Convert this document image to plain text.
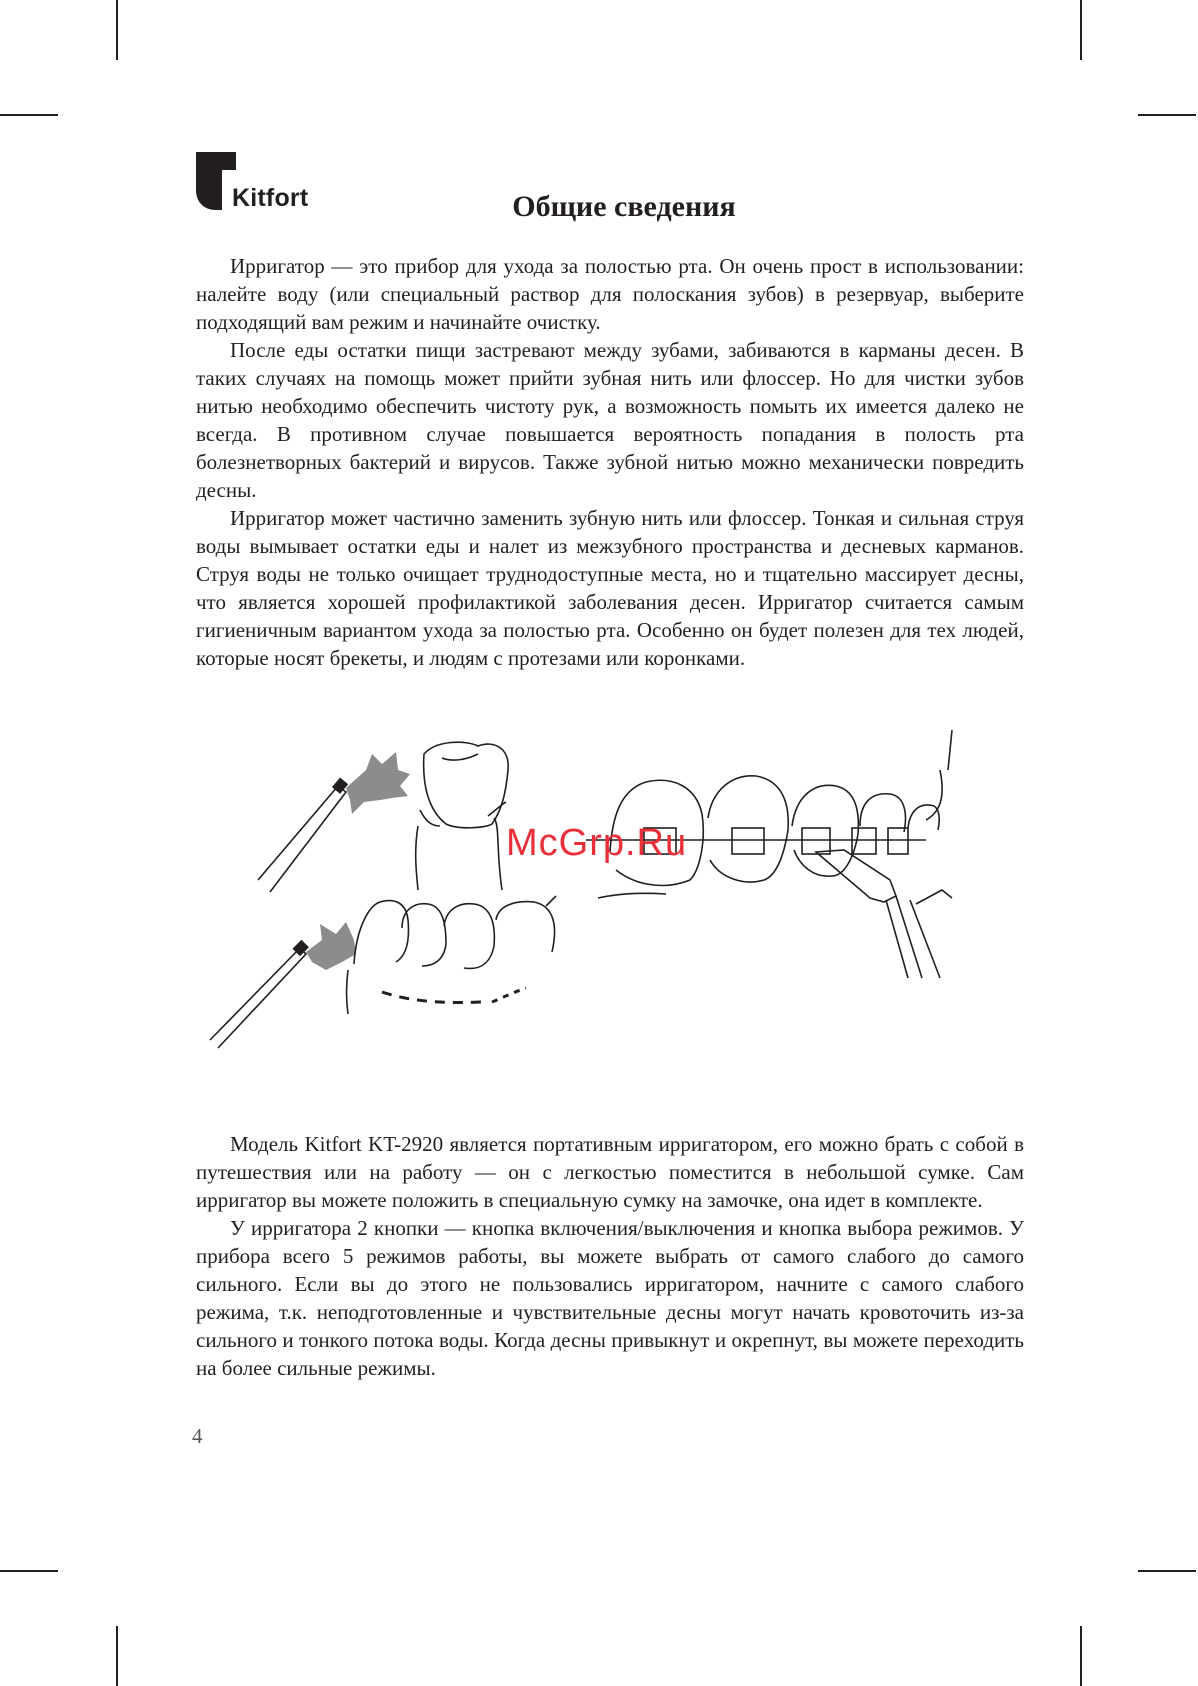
Kitfort	Общие сведения

Ирригатор — это прибор для ухода за полостью рта. Он очень прост в использовании: налейте воду (или специальный раствор для полоскания зубов) в резервуар, выберите подходящий вам режим и начинайте очистку.

После еды остатки пищи застревают между зубами, забиваются в карманы десен. В таких случаях на помощь может прийти зубная нить или флоссер. Но для чистки зубов нитью необходимо обеспечить чистоту рук, а возможность помыть их имеется далеко не всегда. В противном случае повышается вероятность попадания в полость рта болезнетворных бактерий и вирусов. Также зубной нитью можно механически повредить десны.

Ирригатор может частично заменить зубную нить или флоссер. Тонкая и сильная струя воды вымывает остатки еды и налет из межзубного пространства и десневых карманов. Струя воды не только очищает труднодоступные места, но и тщательно массирует десны, что является хорошей профилактикой заболевания десен. Ирригатор считается самым гигиеничным вариантом ухода за полостью рта. Особенно он будет полезен для тех людей, которые носят брекеты, и людям с протезами или коронками.

McGrp.Ru

Модель Kitfort KT-2920 является портативным ирригатором, его можно брать с собой в путешествия или на работу — он с легкостью поместится в небольшой сумке. Сам ирригатор вы можете положить в специальную сумку на замочке, она идет в комплекте.

У ирригатора 2 кнопки — кнопка включения/выключения и кнопка выбора режимов. У прибора всего 5 режимов работы, вы можете выбрать от самого слабого до самого сильного. Если вы до этого не пользовались ирригатором, начните с самого слабого режима, т.к. неподготовленные и чувствительные десны могут начать кровоточить из-за сильного и тонкого потока воды. Когда десны привыкнут и окрепнут, вы можете переходить на более сильные режимы.

4
